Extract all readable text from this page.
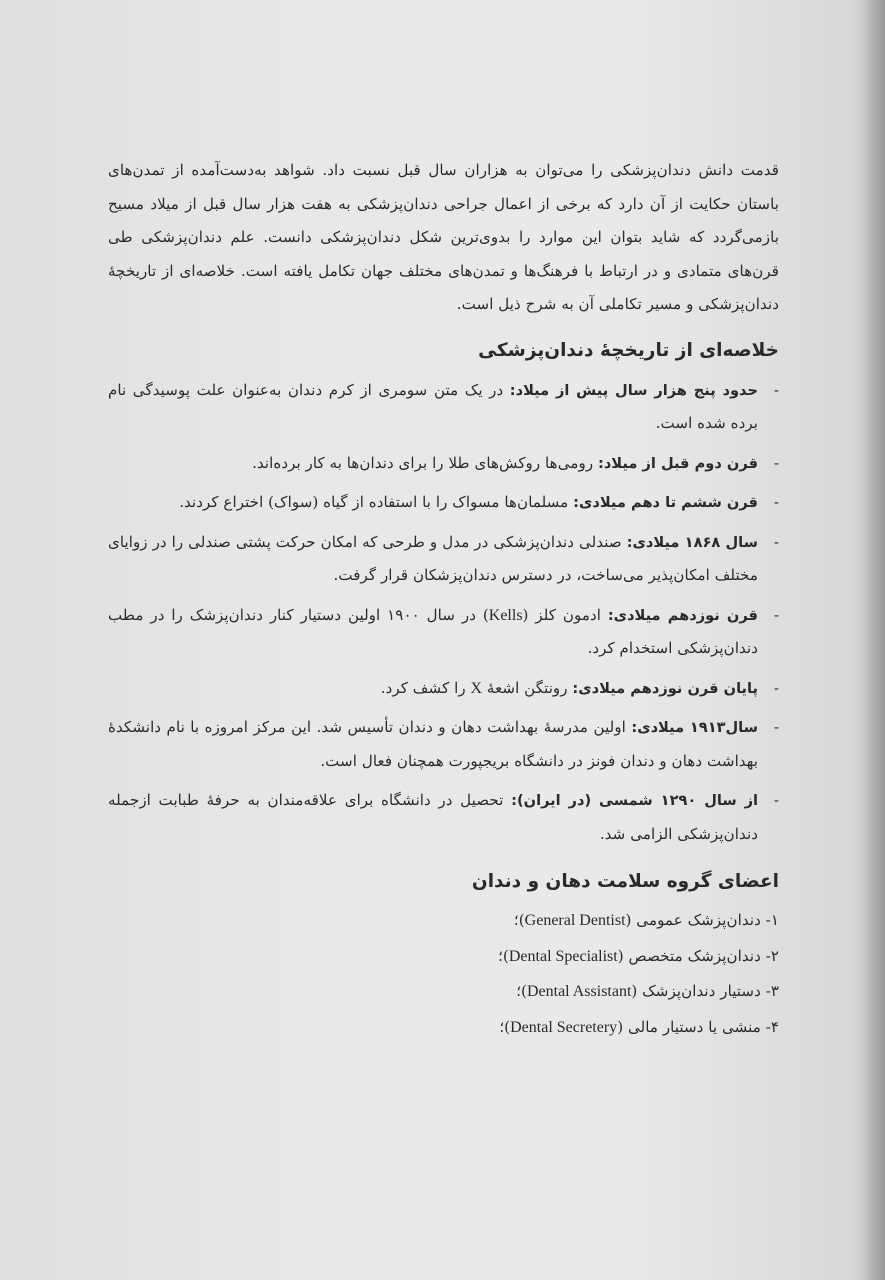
قدمت دانش دندان‌پزشکی را می‌توان به هزاران سال قبل نسبت داد. شواهد به‌دست‌آمده از تمدن‌های باستان حکایت از آن دارد که برخی از اعمال جراحی دندان‌پزشکی به هفت هزار سال قبل از میلاد مسیح بازمی‌گردد که شاید بتوان این موارد را بدوی‌ترین شکل دندان‌پزشکی دانست. علم دندان‌پزشکی طی قرن‌های متمادی و در ارتباط با فرهنگ‌ها و تمدن‌های مختلف جهان تکامل یافته است. خلاصه‌ای از تاریخچهٔ دندان‌پزشکی و مسیر تکاملی آن به شرح ذیل است.

خلاصه‌ای از تاریخچهٔ دندان‌پزشکی
-
حدود پنج هزار سال پیش از میلاد: در یک متن سومری از کرم دندان به‌عنوان علت پوسیدگی نام برده شده است.
-
قرن دوم قبل از میلاد: رومی‌ها روکش‌های طلا را برای دندان‌ها به کار برده‌اند.
-
قرن ششم تا دهم میلادی: مسلمان‌ها مسواک را با استفاده از گیاه (سواک) اختراع کردند.
-
سال ۱۸۶۸ میلادی: صندلی دندان‌پزشکی در مدل و طرحی که امکان حرکت پشتی صندلی را در زوایای مختلف امکان‌پذیر می‌ساخت، در دسترس دندان‌پزشکان قرار گرفت.
-
قرن نوزدهم میلادی: ادمون کلز (Kells) در سال ۱۹۰۰ اولین دستیار کنار دندان‌پزشک را در مطب دندان‌پزشکی استخدام کرد.
-
پایان قرن نوزدهم میلادی: رونتگن اشعهٔ X را کشف کرد.
-
سال۱۹۱۳ میلادی: اولین مدرسهٔ بهداشت دهان و دندان تأسیس شد. این مرکز امروزه با نام دانشکدهٔ بهداشت دهان و دندان فونز در دانشگاه بریجپورت همچنان فعال است.
-
از سال ۱۲۹۰ شمسی (در ایران): تحصیل در دانشگاه برای علاقه‌مندان به حرفهٔ طبابت ازجمله دندان‌پزشکی الزامی شد.
اعضای گروه سلامت دهان و دندان
۱- دندان‌پزشک عمومی (General Dentist)؛
۲- دندان‌پزشک متخصص (Dental Specialist)؛
۳- دستیار دندان‌پزشک (Dental Assistant)؛
۴- منشی یا دستیار مالی (Dental Secretery)؛
